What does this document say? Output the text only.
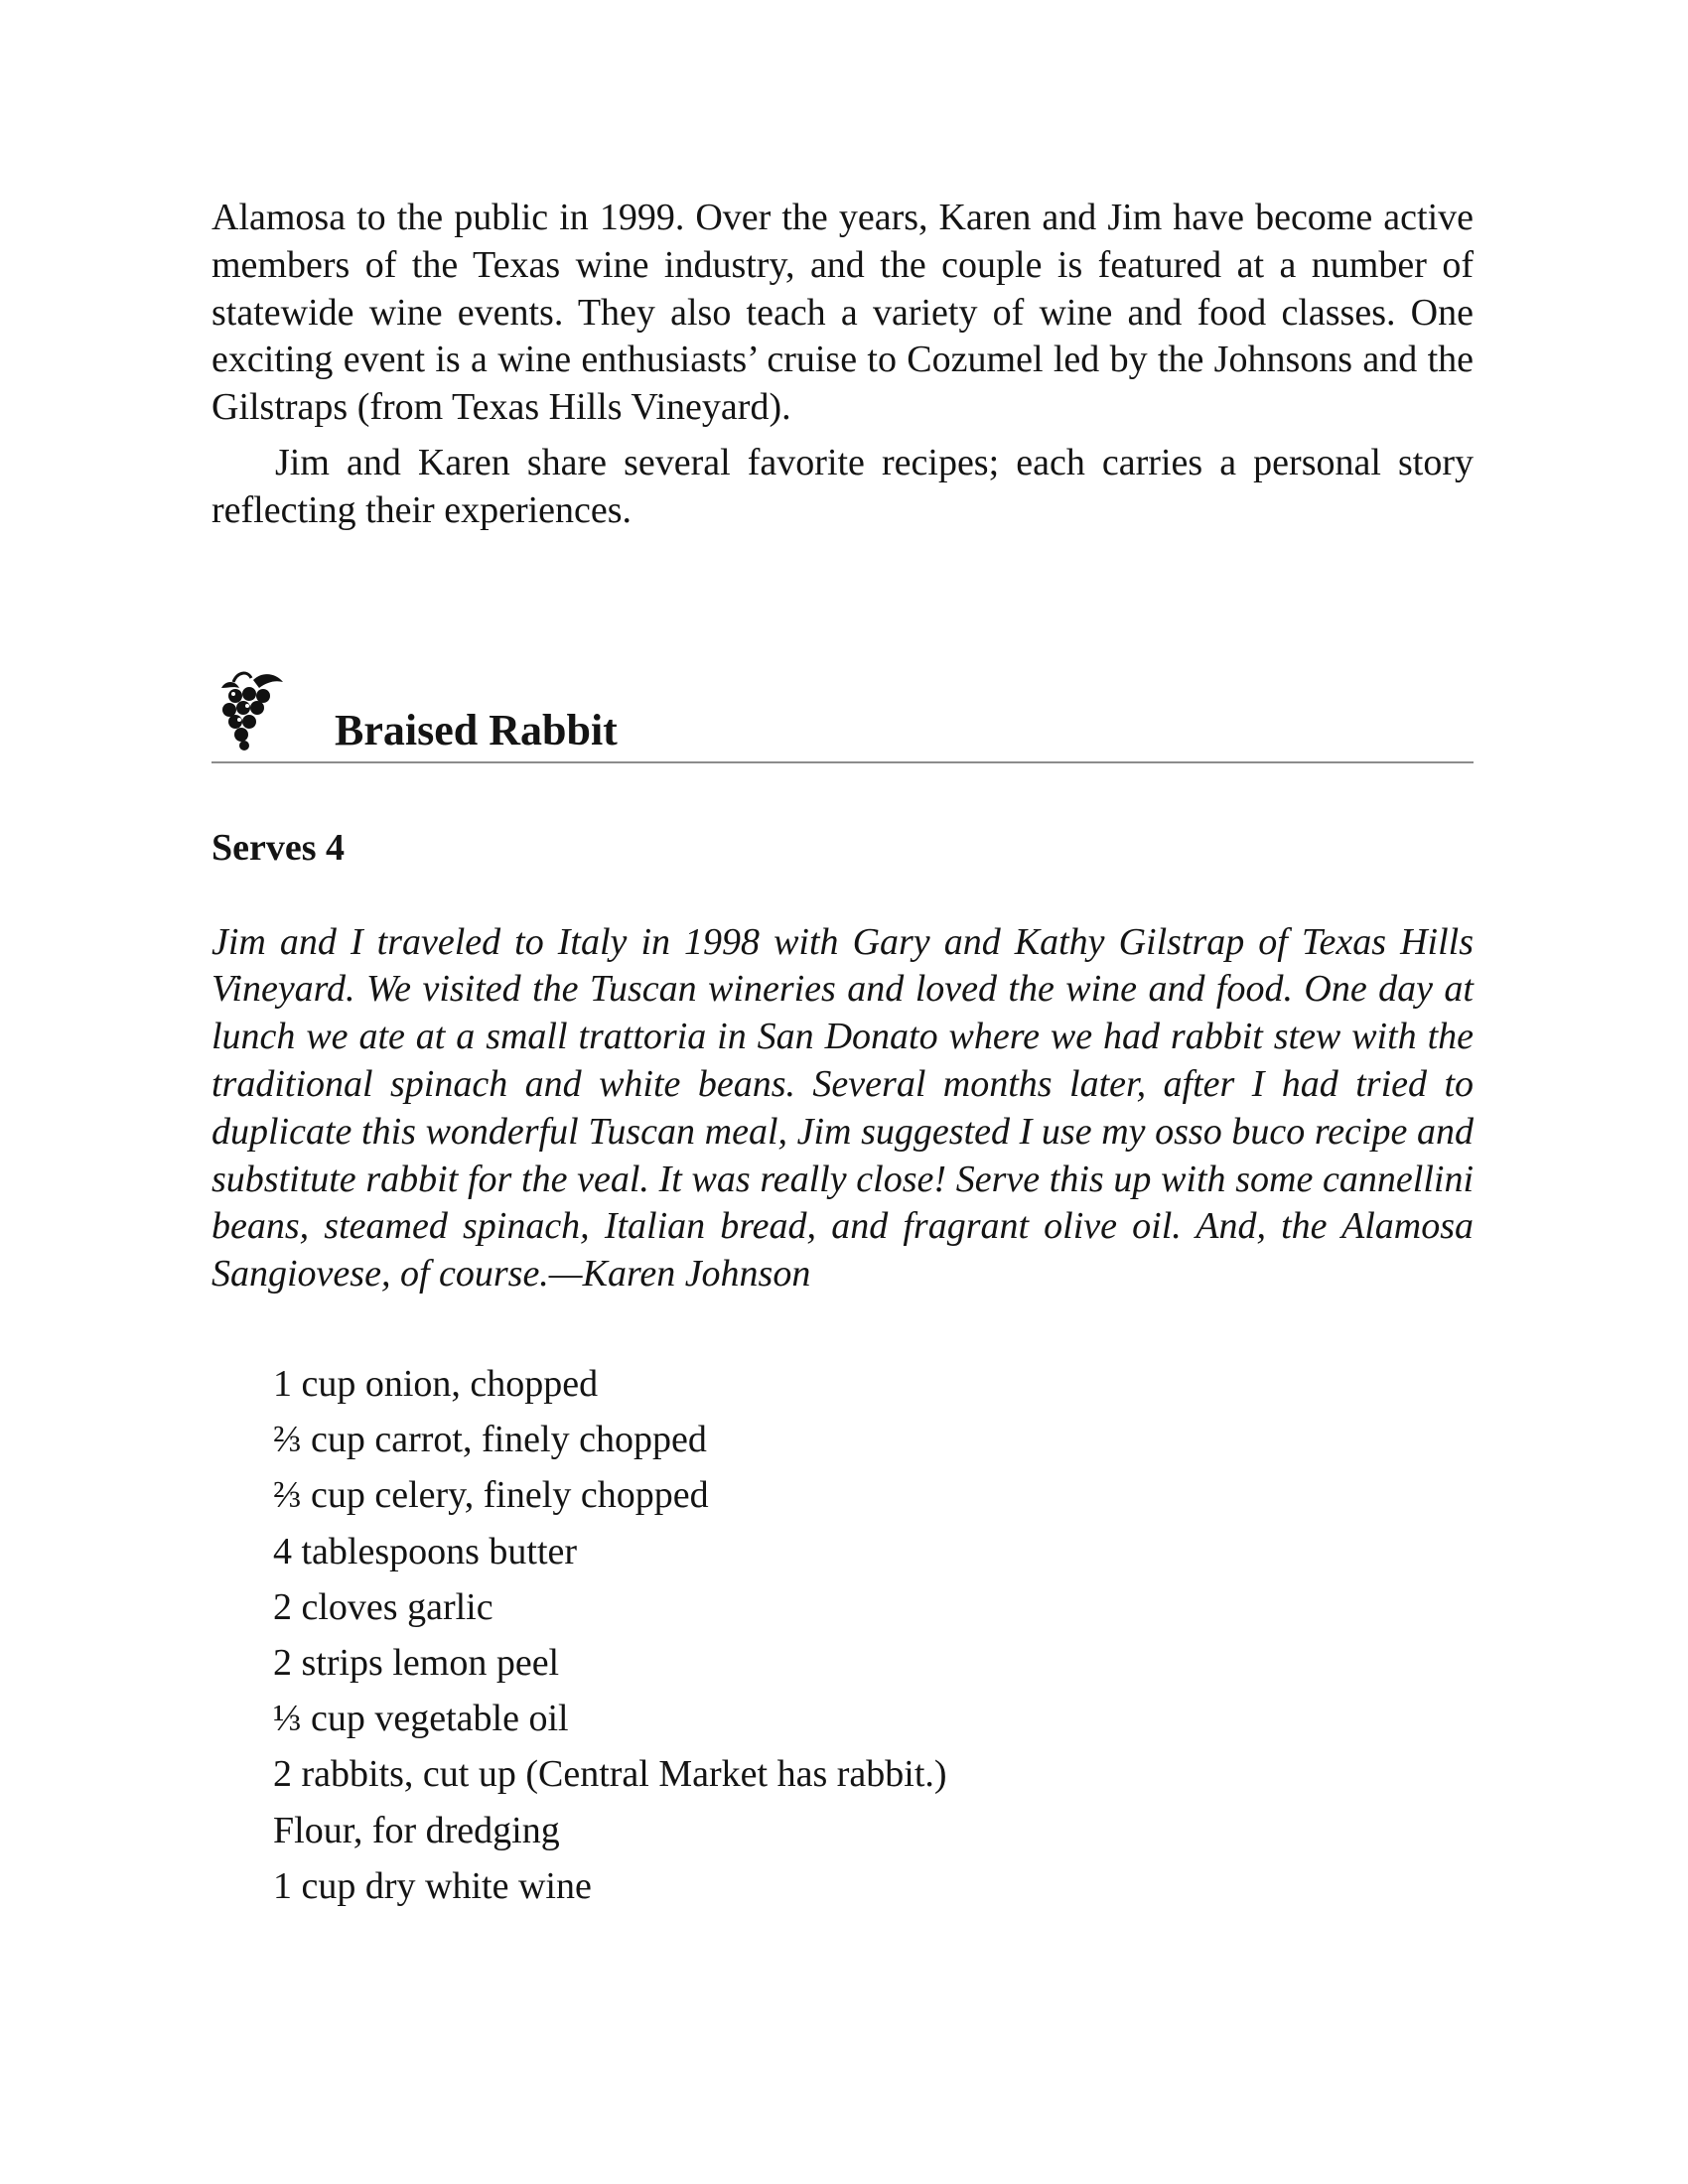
Alamosa to the public in 1999. Over the years, Karen and Jim have become active members of the Texas wine industry, and the couple is featured at a number of statewide wine events. They also teach a variety of wine and food classes. One exciting event is a wine enthusiasts’ cruise to Cozumel led by the Johnsons and the Gilstraps (from Texas Hills Vineyard).

Jim and Karen share several favorite recipes; each carries a personal story reflecting their experiences.

Braised Rabbit

Serves 4

Jim and I traveled to Italy in 1998 with Gary and Kathy Gilstrap of Texas Hills Vineyard. We visited the Tuscan wineries and loved the wine and food. One day at lunch we ate at a small trattoria in San Donato where we had rabbit stew with the traditional spinach and white beans. Several months later, after I had tried to duplicate this wonderful Tuscan meal, Jim suggested I use my osso buco recipe and substitute rabbit for the veal. It was really close! Serve this up with some cannellini beans, steamed spinach, Italian bread, and fragrant olive oil. And, the Alamosa Sangiovese, of course.—Karen Johnson

1 cup onion, chopped
⅔ cup carrot, finely chopped
⅔ cup celery, finely chopped
4 tablespoons butter
2 cloves garlic
2 strips lemon peel
⅓ cup vegetable oil
2 rabbits, cut up (Central Market has rabbit.)
Flour, for dredging
1 cup dry white wine
